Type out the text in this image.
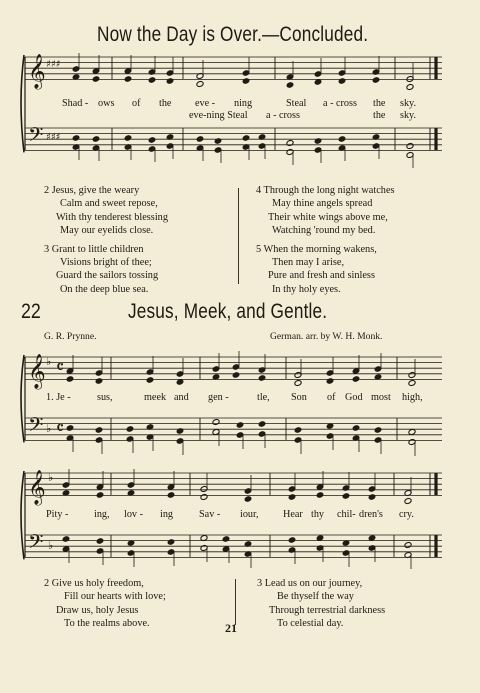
Now the Day is Over.—Concluded.
𝄞
𝄢
♯♯♯
♯♯♯
𝄞
𝄢
♭
♭
𝄴
𝄴
𝄞
𝄢
♭
♭
Shad - ows of the eve - ning	Steal a - cross the sky.
eve-ning Steal a - cross	the sky.
2 Jesus, give the weary
Calm and sweet repose,
With thy tenderest blessing
May our eyelids close.
3 Grant to little children
Visions bright of thee;
Guard the sailors tossing
On the deep blue sea.
4 Through the long night watches
May thine angels spread
Their white wings above me,
Watching 'round my bed.
5 When the morning wakens,
Then may I arise,
Pure and fresh and sinless
In thy holy eyes.
22	Jesus, Meek, and Gentle.
G. R. Prynne.	German. arr. by W. H. Monk.
1. Je -	sus,	meek and gen -	tle, Son of God most high,
Pity -	ing, lov - ing	Sav - iour, Hear thy chil- dren's cry.
2 Give us holy freedom,
Fill our hearts with love;
Draw us, holy Jesus
To the realms above.
3 Lead us on our journey,
Be thyself the way
Through terrestrial darkness
To celestial day.
21
